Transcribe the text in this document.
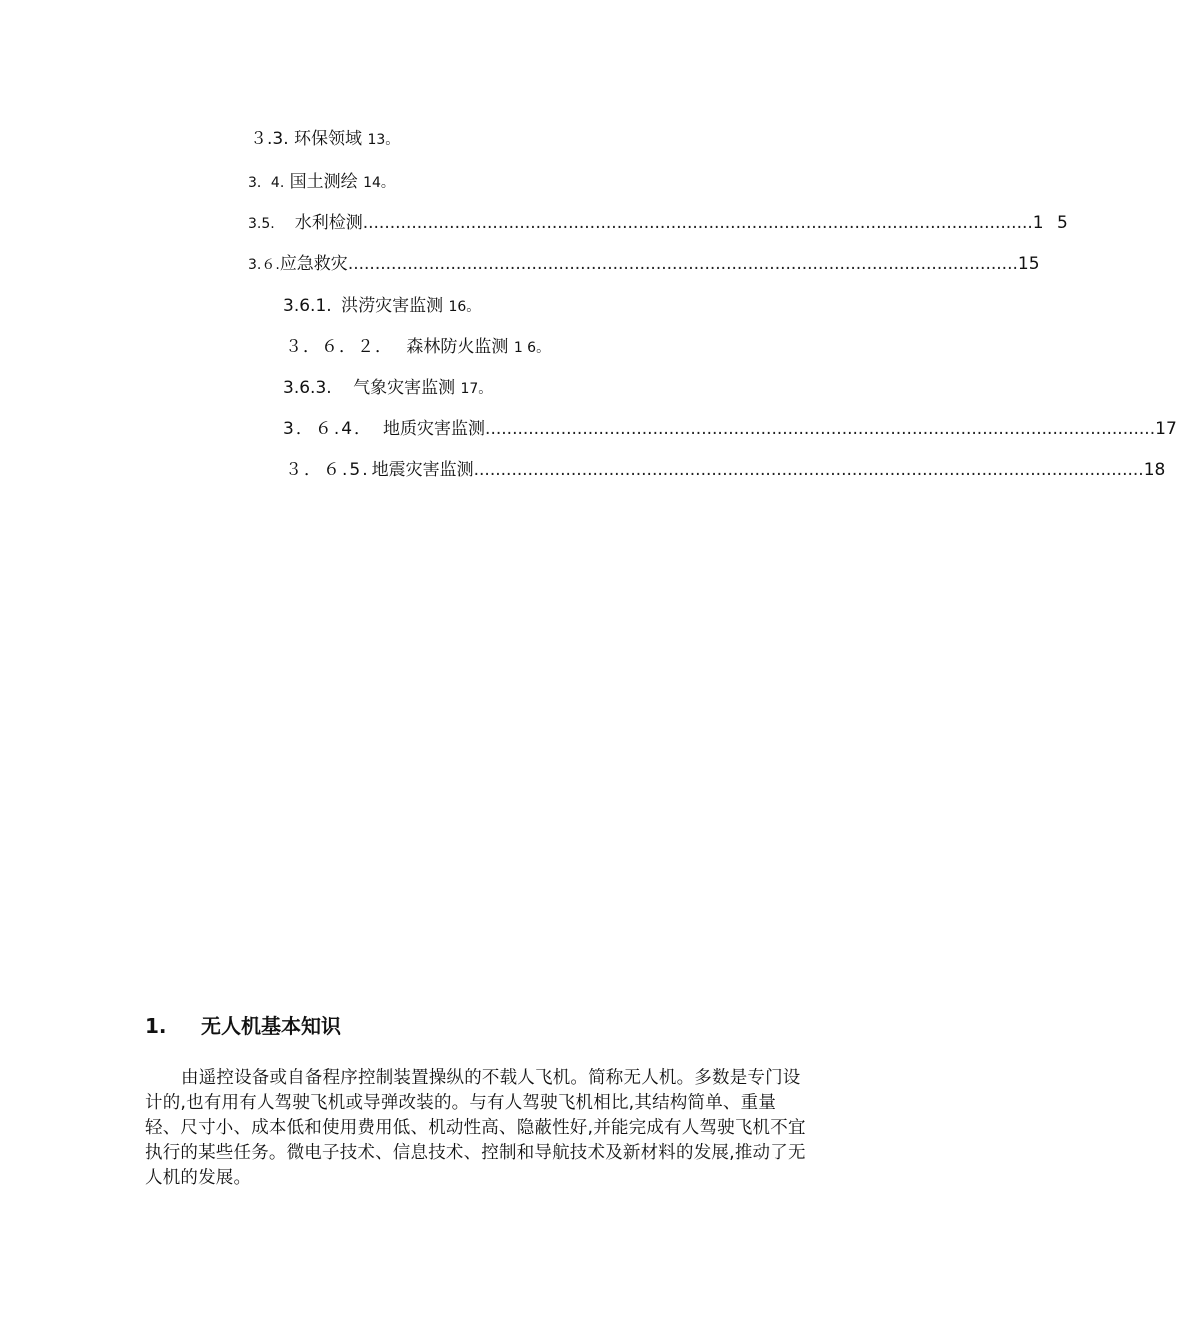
３.3. 环保领域 13。
3．4. 国土测绘 14。
3.5. 水利检测 ............................................................................................................................ 1 5
3.６. 应急救灾 ............................................................................................................................ 15
3.6.1. 洪涝灾害监测 16。
３．６．２． 森林防火监测 1 6。
3.6.3. 气象灾害监测 17。
3．６.4． 地质灾害监测 ............................................................................................................................ 17
３．６.5. 地震灾害监测 ............................................................................................................................ 18
1. 无人机基本知识
由遥控设备或自备程序控制装置操纵的不载人飞机。简称无人机。多数是专门设计的,也有用有人驾驶飞机或导弹改装的。与有人驾驶飞机相比,其结构简单、重量轻、尺寸小、成本低和使用费用低、机动性高、隐蔽性好,并能完成有人驾驶飞机不宜执行的某些任务。微电子技术、信息技术、控制和导航技术及新材料的发展,推动了无人机的发展。
